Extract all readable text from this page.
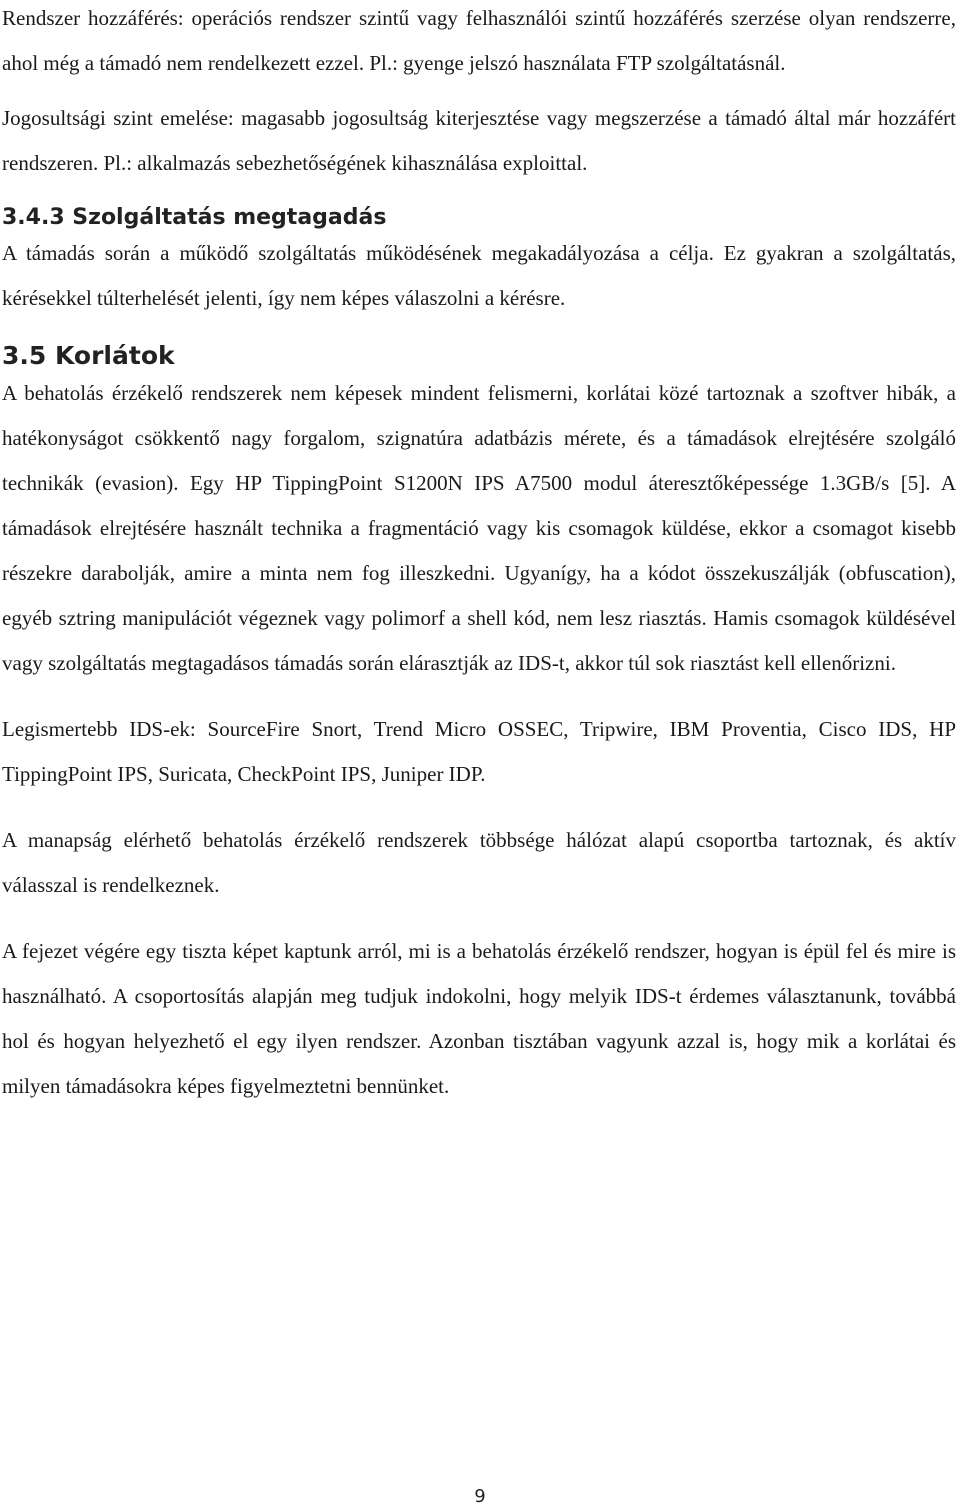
Rendszer hozzáférés: operációs rendszer szintű vagy felhasználói szintű hozzáférés szerzése olyan rendszerre, ahol még a támadó nem rendelkezett ezzel. Pl.: gyenge jelszó használata FTP szolgáltatásnál.

Jogosultsági szint emelése: magasabb jogosultság kiterjesztése vagy megszerzése a támadó által már hozzáfért rendszeren. Pl.: alkalmazás sebezhetőségének kihasználása exploittal.

3.4.3 Szolgáltatás megtagadás

A támadás során a működő szolgáltatás működésének megakadályozása a célja. Ez gyakran a szolgáltatás, kérésekkel túlterhelését jelenti, így nem képes válaszolni a kérésre.

3.5 Korlátok

A behatolás érzékelő rendszerek nem képesek mindent felismerni, korlátai közé tartoznak a szoftver hibák, a hatékonyságot csökkentő nagy forgalom, szignatúra adatbázis mérete, és a támadások elrejtésére szolgáló technikák (evasion). Egy HP TippingPoint S1200N IPS A7500 modul áteresztőképessége 1.3GB/s [5]. A támadások elrejtésére használt technika a fragmentáció vagy kis csomagok küldése, ekkor a csomagot kisebb részekre darabolják, amire a minta nem fog illeszkedni. Ugyanígy, ha a kódot összekuszálják (obfuscation), egyéb sztring manipulációt végeznek vagy polimorf a shell kód, nem lesz riasztás. Hamis csomagok küldésével vagy szolgáltatás megtagadásos támadás során elárasztják az IDS-t, akkor túl sok riasztást kell ellenőrizni.

Legismertebb IDS-ek: SourceFire Snort, Trend Micro OSSEC, Tripwire, IBM Proventia, Cisco IDS, HP TippingPoint IPS, Suricata, CheckPoint IPS, Juniper IDP.

A manapság elérhető behatolás érzékelő rendszerek többsége hálózat alapú csoportba tartoznak, és aktív válasszal is rendelkeznek.

A fejezet végére egy tiszta képet kaptunk arról, mi is a behatolás érzékelő rendszer, hogyan is épül fel és mire is használható. A csoportosítás alapján meg tudjuk indokolni, hogy melyik IDS-t érdemes választanunk, továbbá hol és hogyan helyezhető el egy ilyen rendszer. Azonban tisztában vagyunk azzal is, hogy mik a korlátai és milyen támadásokra képes figyelmeztetni bennünket.

9
